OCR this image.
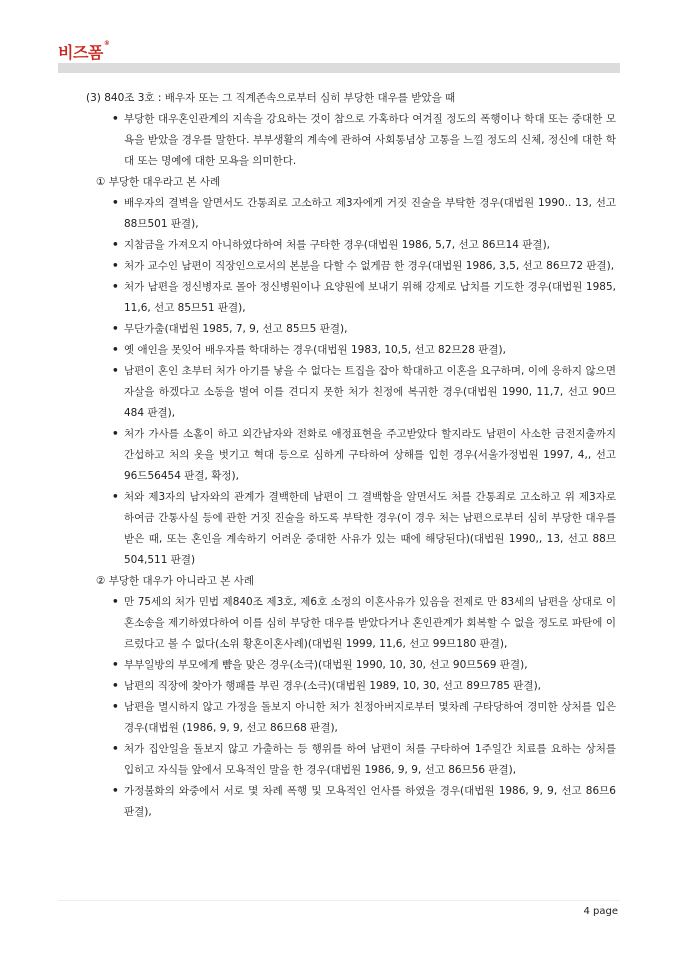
비즈폼®

(3) 840조 3호 : 배우자 또는 그 직계존속으로부터 심히 부당한 대우를 받았을 때

• 부당한 대우혼인관계의 지속을 강요하는 것이 참으로 가혹하다 여겨질 정도의 폭행이나 학대 또는 중대한 모욕을 받았을 경우를 말한다. 부부생활의 계속에 관하여 사회통념상 고통을 느낄 정도의 신체, 정신에 대한 학대 또는 명예에 대한 모욕을 의미한다.

① 부당한 대우라고 본 사례

• 배우자의 결벽을 알면서도 간통죄로 고소하고 제3자에게 거짓 진술을 부탁한 경우(대법원 1990.. 13, 선고 88므501 판결),
• 지참금을 가져오지 아니하였다하여 처를 구타한 경우(대법원 1986, 5,7, 선고 86므14 판결),
• 처가 교수인 남편이 직장인으로서의 본분을 다할 수 없게끔 한 경우(대법원 1986, 3,5, 선고 86므72 판결),
• 처가 남편을 정신병자로 몰아 정신병원이나 요양원에 보내기 위해 강제로 납치를 기도한 경우(대법원 1985, 11,6, 선고 85므51 판결),
• 무단가출(대법원 1985, 7, 9, 선고 85므5 판결),
• 옛 애인을 못잊어 배우자를 학대하는 경우(대법원 1983, 10,5, 선고 82므28 판결),
• 남편이 혼인 초부터 처가 아기를 낳을 수 없다는 트집을 잡아 학대하고 이혼을 요구하며, 이에 응하지 않으면 자살을 하겠다고 소동을 벌여 이를 견디지 못한 처가 친정에 복귀한 경우(대법원 1990, 11,7, 선고 90므484 판결),
• 처가 가사를 소홀이 하고 외간남자와 전화로 애정표현을 주고받았다 할지라도 남편이 사소한 금전지출까지 간섭하고 처의 옷을 벗기고 혁대 등으로 심하게 구타하여 상해를 입힌 경우(서울가정법원 1997, 4,, 선고 96드56454 판결, 확정),
• 처와 제3자의 남자와의 관계가 결백한데 남편이 그 결백함을 알면서도 처를 간통죄로 고소하고 위 제3자로 하여금 간통사실 등에 관한 거짓 진술을 하도록 부탁한 경우(이 경우 처는 남편으로부터 심히 부당한 대우를 받은 때, 또는 혼인을 계속하기 어려운 중대한 사유가 있는 때에 해당된다)(대법원 1990,, 13, 선고 88므504,511 판결)

② 부당한 대우가 아니라고 본 사례

• 만 75세의 처가 민법 제840조 제3호, 제6호 소정의 이혼사유가 있음을 전제로 만 83세의 남편을 상대로 이혼소송을 제기하였다하여 이를 심히 부당한 대우를 받았다거나 혼인관계가 회복할 수 없을 정도로 파탄에 이르렀다고 볼 수 없다(소위 황혼이혼사례)(대법원 1999, 11,6, 선고 99므180 판결),
• 부부일방의 부모에게 뺨을 맞은 경우(소극)(대법원 1990, 10, 30, 선고 90므569 판결),
• 남편의 직장에 찾아가 행패를 부린 경우(소극)(대법원 1989, 10, 30, 선고 89므785 판결),
• 남편을 멸시하지 않고 가정을 돌보지 아니한 처가 친정아버지로부터 몇차례 구타당하여 경미한 상처를 입은 경우(대법원 (1986, 9, 9, 선고 86므68 판결),
• 처가 집안일을 돌보지 않고 가출하는 등 행위를 하여 남편이 처를 구타하여 1주일간 치료를 요하는 상처를 입히고 자식들 앞에서 모욕적인 말을 한 경우(대법원 1986, 9, 9, 선고 86므56 판결),
• 가정불화의 와중에서 서로 몇 차례 폭행 및 모욕적인 언사를 하였을 경우(대법원 1986, 9, 9, 선고 86므6 판결),
4 page
